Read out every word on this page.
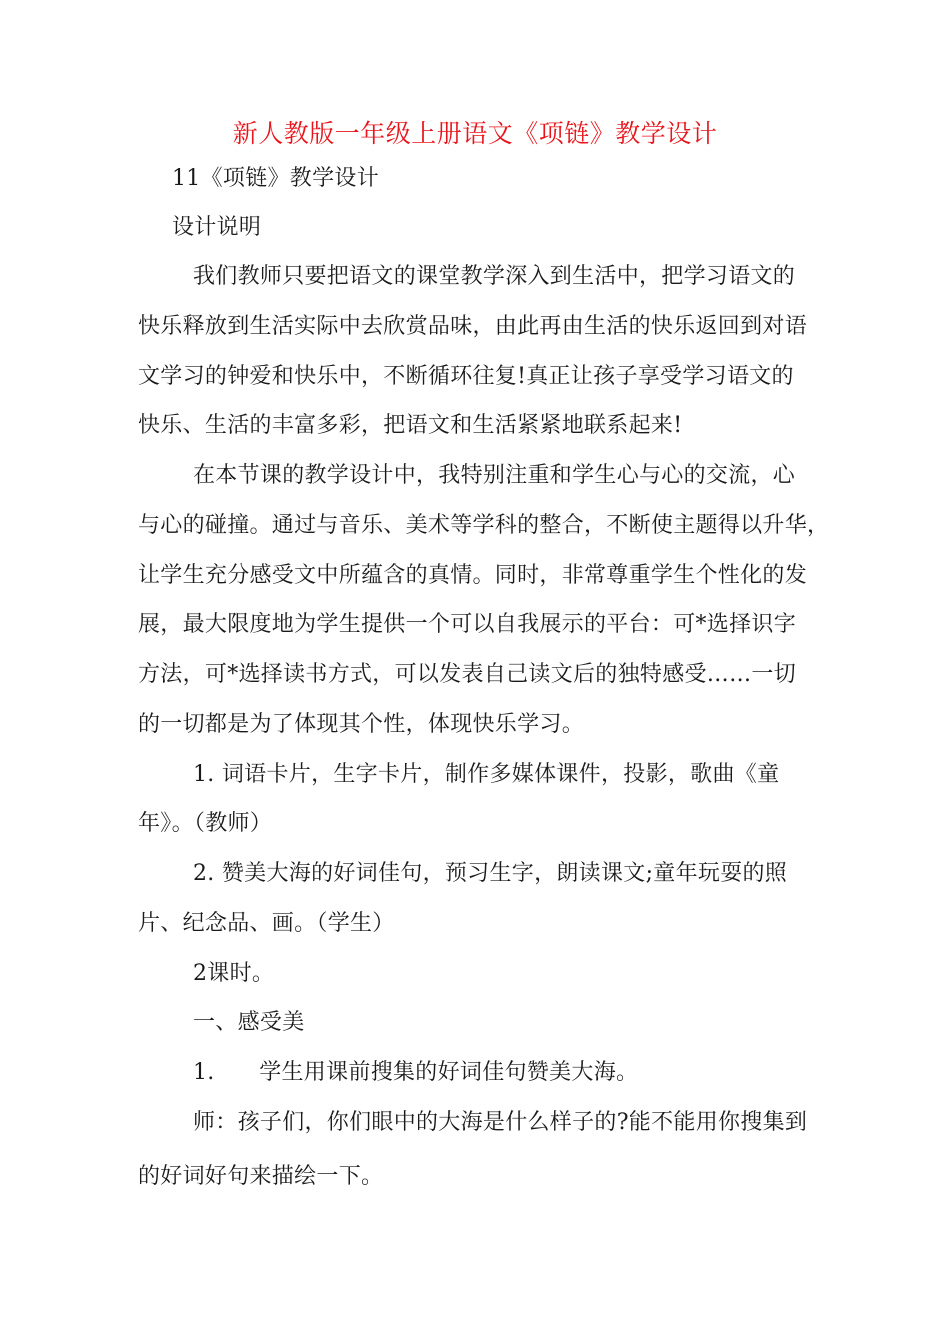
新人教版一年级上册语文《项链》教学设计
11《项链》教学设计
设计说明
我们教师只要把语文的课堂教学深入到生活中，把学习语文的
快乐释放到生活实际中去欣赏品味，由此再由生活的快乐返回到对语
文学习的钟爱和快乐中，不断循环往复!真正让孩子享受学习语文的
快乐、生活的丰富多彩，把语文和生活紧紧地联系起来!
在本节课的教学设计中，我特别注重和学生心与心的交流，心
与心的碰撞。通过与音乐、美术等学科的整合，不断使主题得以升华，
让学生充分感受文中所蕴含的真情。同时，非常尊重学生个性化的发
展，最大限度地为学生提供一个可以自我展示的平台：可*选择识字
方法，可*选择读书方式，可以发表自己读文后的独特感受……一切
的一切都是为了体现其个性，体现快乐学习。
1. 词语卡片，生字卡片，制作多媒体课件，投影，歌曲《童
年》。（教师）
2. 赞美大海的好词佳句，预习生字，朗读课文;童年玩耍的照
片、纪念品、画。（学生）
2课时。
一、感受美
1.　　学生用课前搜集的好词佳句赞美大海。
师：孩子们，你们眼中的大海是什么样子的?能不能用你搜集到
的好词好句来描绘一下。
